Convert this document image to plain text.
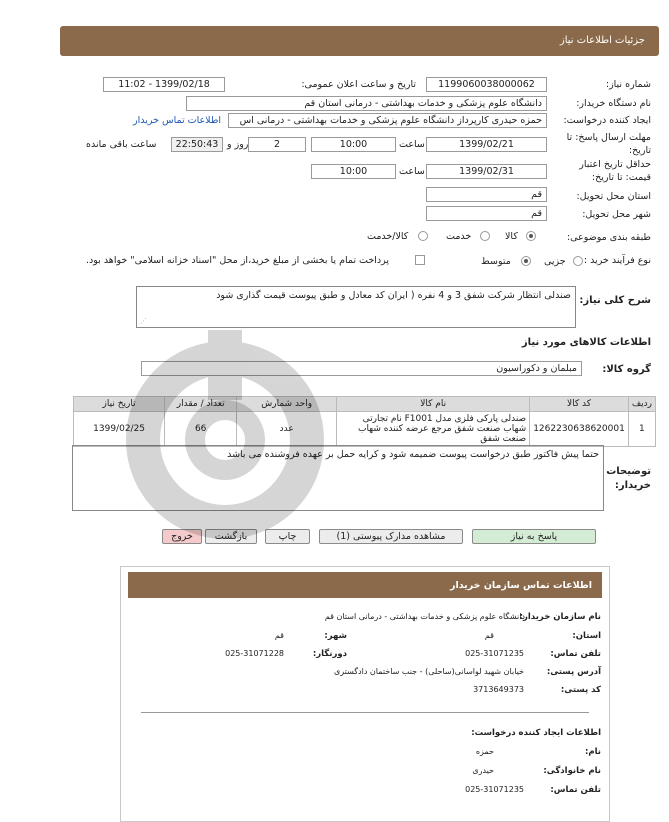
جزئیات اطلاعات نیاز
شماره نیاز:
1199060038000062
تاریخ و ساعت اعلان عمومی:
1399/02/18 - 11:02
نام دستگاه خریدار:
دانشگاه علوم پزشکی و خدمات بهداشتی - درمانی استان قم
ایجاد کننده درخواست:
حمزه حیدری کارپرداز دانشگاه علوم پزشکی و خدمات بهداشتی - درمانی اس
اطلاعات تماس خریدار
مهلت ارسال پاسخ: تا
تاریخ:
1399/02/21
ساعت
10:00
2
روز و
22:50:43
ساعت باقی مانده
حداقل تاریخ اعتبار
قیمت: تا تاریخ:
1399/02/31
ساعت
10:00
استان محل تحویل:
قم
شهر محل تحویل:
قم
طبقه بندی موضوعی:
کالا
خدمت
کالا/خدمت
نوع فرآیند خرید :
جزیی
متوسط
پرداخت تمام یا بخشی از مبلغ خرید،از محل "اسناد خزانه اسلامی" خواهد بود.
شرح کلی نیاز:
صندلی انتظار شرکت شفق 3 و 4 نفره ( ایران کد معادل و طبق پیوست قیمت گذاری شود
⋰
اطلاعات کالاهای مورد نیاز
گروه کالا:
مبلمان و دکوراسیون
ردیف	کد کالا	نام کالا	واحد شمارش	تعداد / مقدار	تاریخ نیاز
1	1262230638620001	صندلی پارکی فلزی مدل F1001 نام تجارتی شهاب صنعت شفق مرجع عرضه کننده شهاب صنعت شفق	عدد	66	1399/02/25
توضیحات
خریدار:
حتما پیش فاکتور طبق درخواست پیوست ضمیمه شود و کرایه حمل بر عهده فروشنده می باشد
پاسخ به نیاز
مشاهده مدارک پیوستی (1)
چاپ
بازگشت
خروج
اطلاعات تماس سازمان خریدار
نام سازمان خریدار:
دانشگاه علوم پزشکی و خدمات بهداشتی - درمانی استان قم
استان:
قم
شهر:
قم
تلفن تماس:
025-31071235
دورنگار:
025-31071228
آدرس پستی:
خیابان شهید لواسانی(ساحلی) - جنب ساختمان دادگستری
کد پستی:
3713649373
اطلاعات ایجاد کننده درخواست:
نام:
حمزه
نام خانوادگی:
حیدری
تلفن تماس:
025-31071235
